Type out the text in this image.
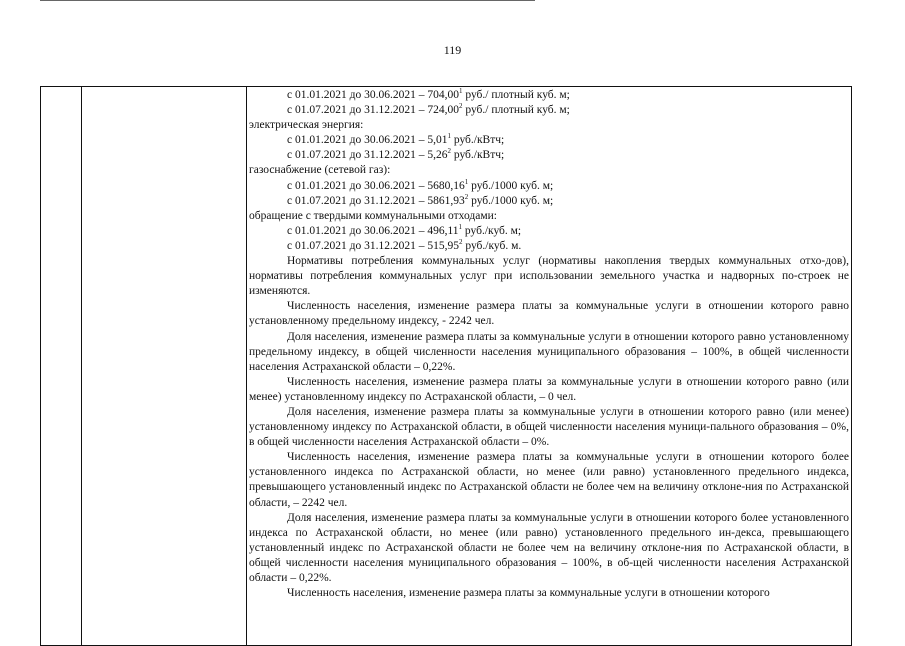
119
с 01.01.2021 до 30.06.2021 – 704,00$^1$ руб./ плотный куб. м;
с 01.07.2021 до 31.12.2021 – 724,00$^2$ руб./ плотный куб. м;
электрическая энергия:
с 01.01.2021 до 30.06.2021 – 5,01$^1$ руб./кВтч;
с 01.07.2021 до 31.12.2021 – 5,26$^2$ руб./кВтч;
газоснабжение (сетевой газ):
с 01.01.2021 до 30.06.2021 – 5680,16$^1$ руб./1000 куб. м;
с 01.07.2021 до 31.12.2021 – 5861,93$^2$ руб./1000 куб. м;
обращение с твердыми коммунальными отходами:
с 01.01.2021 до 30.06.2021 – 496,11$^1$ руб./куб. м;
с 01.07.2021 до 31.12.2021 – 515,95$^2$ руб./куб. м.

Нормативы потребления коммунальных услуг (нормативы накопления твердых коммунальных отхо-дов), нормативы потребления коммунальных услуг при использовании земельного участка и надворных по-строек не изменяются.

Численность населения, изменение размера платы за коммунальные услуги в отношении которого равно установленному предельному индексу, - 2242 чел.

Доля населения, изменение размера платы за коммунальные услуги в отношении которого равно установленному предельному индексу, в общей численности населения муниципального образования – 100%, в общей численности населения Астраханской области – 0,22%.

Численность населения, изменение размера платы за коммунальные услуги в отношении которого равно (или менее) установленному индексу по Астраханской области, – 0 чел.

Доля населения, изменение размера платы за коммунальные услуги в отношении которого равно (или менее) установленному индексу по Астраханской области, в общей численности населения муници-пального образования – 0%, в общей численности населения Астраханской области – 0%.

Численность населения, изменение размера платы за коммунальные услуги в отношении которого более установленного индекса по Астраханской области, но менее (или равно) установленного предельного индекса, превышающего установленный индекс по Астраханской области не более чем на величину отклоне-ния по Астраханской области, – 2242 чел.

Доля населения, изменение размера платы за коммунальные услуги в отношении которого более установленного индекса по Астраханской области, но менее (или равно) установленного предельного ин-декса, превышающего установленный индекс по Астраханской области не более чем на величину отклоне-ния по Астраханской области, в общей численности населения муниципального образования – 100%, в об-щей численности населения Астраханской области – 0,22%.

Численность населения, изменение размера платы за коммунальные услуги в отношении которого
